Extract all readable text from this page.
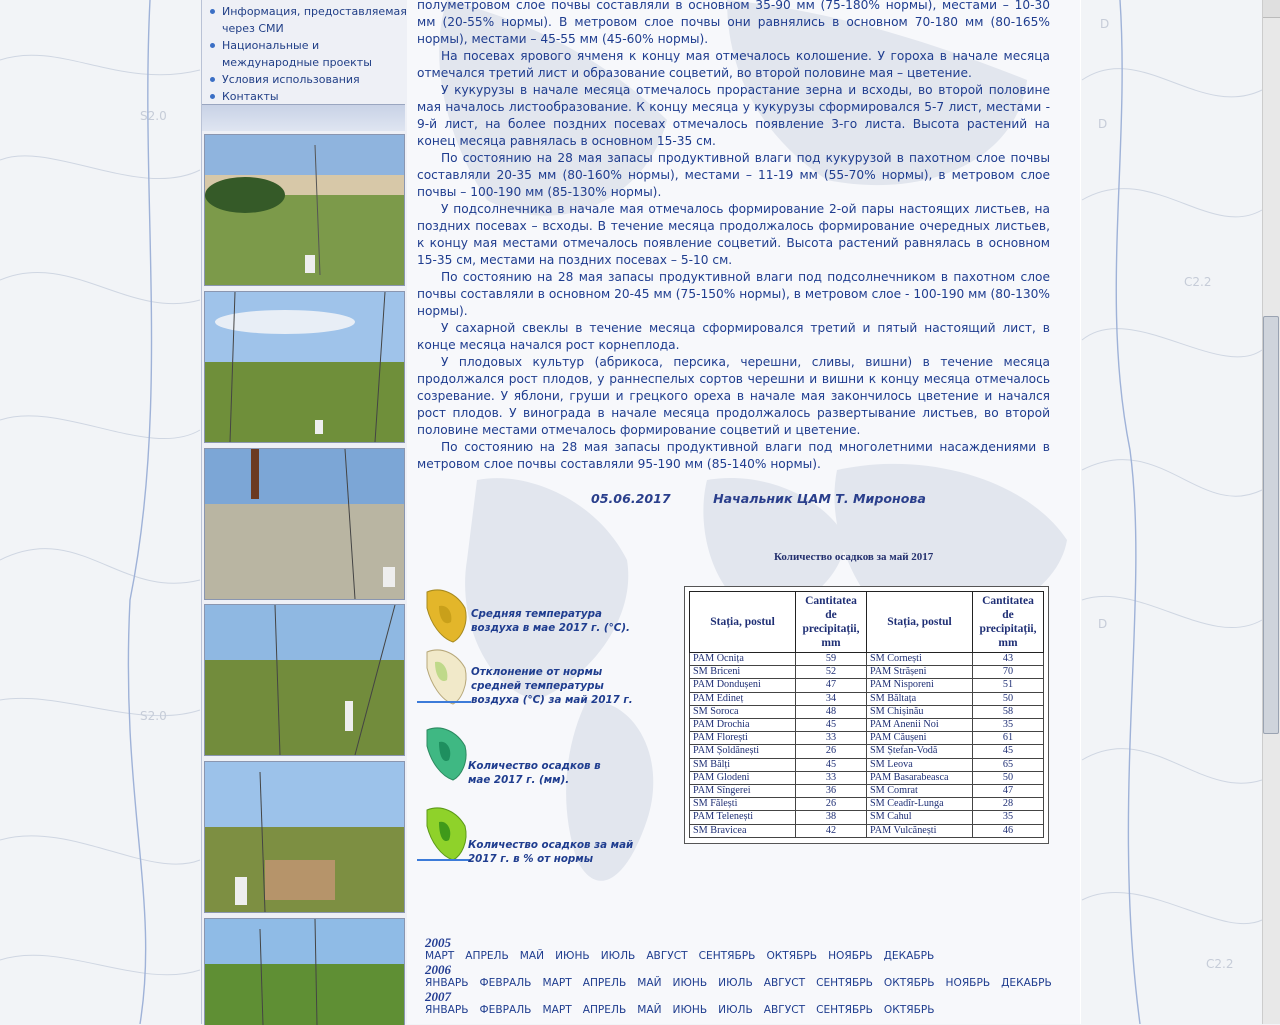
D
D
D
S2.0
S2.0
C2.2
C2.2
Информация, предоставляемая через СМИ
Национальные и международные проекты
Условия использования
Контакты

полуметровом слое почвы составляли в основном 35-90 мм (75-180% нормы), местами – 10-30 мм (20-55% нормы). В метровом слое почвы они равнялись в основном 70-180 мм (80-165% нормы), местами – 45-55 мм (45-60% нормы).

На посевах ярового ячменя к концу мая отмечалось колошение. У гороха в начале месяца отмечался третий лист и образование соцветий, во второй половине мая – цветение.

У кукурузы в начале месяца отмечалось прорастание зерна и всходы, во второй половине мая началось листообразование. К концу месяца у кукурузы сформировался 5-7 лист, местами - 9-й лист, на более поздних посевах отмечалось появление 3-го листа. Высота растений на конец месяца равнялась в основном 15-35 см.

По состоянию на 28 мая запасы продуктивной влаги под кукурузой в пахотном слое почвы составляли 20-35 мм (80-160% нормы), местами – 11-19 мм (55-70% нормы), в метровом слое почвы – 100-190 мм (85-130% нормы).

У подсолнечника в начале мая отмечалось формирование 2-ой пары настоящих листьев, на поздних посевах – всходы. В течение месяца продолжалось формирование очередных листьев, к концу мая местами отмечалось появление соцветий. Высота растений равнялась в основном 15-35 см, местами на поздних посевах – 5-10 см.

По состоянию на 28 мая запасы продуктивной влаги под подсолнечником в пахотном слое почвы составляли в основном 20-45 мм (75-150% нормы), в метровом слое - 100-190 мм (80-130% нормы).

У сахарной свеклы в течение месяца сформировался третий и пятый настоящий лист, в конце месяца начался рост корнеплода.

У плодовых культур (абрикоса, персика, черешни, сливы, вишни) в течение месяца продолжался рост плодов, у раннеспелых сортов черешни и вишни к концу месяца отмечалось созревание. У яблони, груши и грецкого ореха в начале мая закончилось цветение и начался рост плодов. У винограда в начале месяца продолжалось развертывание листьев, во второй половине местами отмечалось формирование соцветий и цветение.

По состоянию на 28 мая запасы продуктивной влаги под многолетними насаждениями в метровом слое почвы составляли 95-190 мм (85-140% нормы).

05.06.2017	Начальник ЦАМ Т. Миронова
Количество осадков за май 2017
Средняя температура воздуха в мае 2017 г. (°C).
Отклонение от нормы средней температуры воздуха (°C) за май 2017 г.
Количество осадков в мае 2017 г. (мм).
Количество осадков за май 2017 г. в % от нормы
Stația, postul	Cantitatea de precipitații, mm	Stația, postul	Cantitatea de precipitații, mm
PAM Ocnița	59	SM Cornești	43
SM Briceni	52	PAM Strășeni	70
PAM Dondușeni	47	PAM Nisporeni	51
PAM Edineț	34	SM Băltața	50
SM Soroca	48	SM Chișinău	58
PAM Drochia	45	PAM Anenii Noi	35
PAM Florești	33	PAM Căușeni	61
PAM Șoldănești	26	SM Ștefan-Vodă	45
SM Bălți	45	SM Leova	65
PAM Glodeni	33	PAM Basarabeasca	50
PAM Sîngerei	36	SM Comrat	47
SM Fălești	26	SM Ceadîr-Lunga	28
PAM Telenești	38	SM Cahul	35
SM Bravicea	42	PAM Vulcănești	46
2005
МАРТ АПРЕЛЬ МАЙ ИЮНЬ ИЮЛЬ АВГУСТ СЕНТЯБРЬ ОКТЯБРЬ НОЯБРЬ ДЕКАБРЬ
2006
ЯНВАРЬ ФЕВРАЛЬ МАРТ АПРЕЛЬ МАЙ ИЮНЬ ИЮЛЬ АВГУСТ СЕНТЯБРЬ ОКТЯБРЬ НОЯБРЬ ДЕКАБРЬ
2007
ЯНВАРЬ ФЕВРАЛЬ МАРТ АПРЕЛЬ МАЙ ИЮНЬ ИЮЛЬ АВГУСТ СЕНТЯБРЬ ОКТЯБРЬ
